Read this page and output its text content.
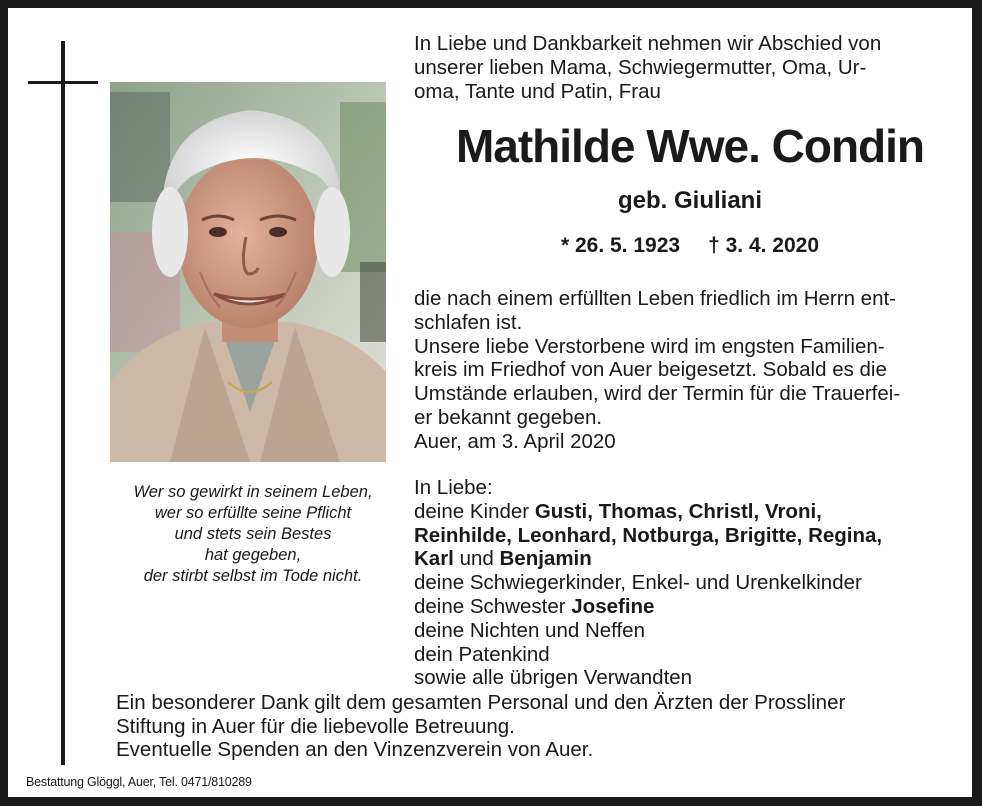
Wer so gewirkt in seinem Leben,
wer so erfüllte seine Pflicht
und stets sein Bestes
hat gegeben,
der stirbt selbst im Tode nicht.
In Liebe und Dankbarkeit nehmen wir Abschied von
unserer lieben Mama, Schwiegermutter, Oma, Ur-
oma, Tante und Patin, Frau
Mathilde Wwe. Condin
geb. Giuliani
* 26. 5. 1923 † 3. 4. 2020
die nach einem erfüllten Leben friedlich im Herrn ent-
schlafen ist.
Unsere liebe Verstorbene wird im engsten Familien-
kreis im Friedhof von Auer beigesetzt. Sobald es die
Umstände erlauben, wird der Termin für die Trauerfei-
er bekannt gegeben.
Auer, am 3. April 2020
In Liebe:
deine Kinder Gusti, Thomas, Christl, Vroni,
Reinhilde, Leonhard, Notburga, Brigitte, Regina,
Karl und Benjamin
deine Schwiegerkinder, Enkel- und Urenkelkinder
deine Schwester Josefine
deine Nichten und Neffen
dein Patenkind
sowie alle übrigen Verwandten
Ein besonderer Dank gilt dem gesamten Personal und den Ärzten der Prossliner
Stiftung in Auer für die liebevolle Betreuung.
Eventuelle Spenden an den Vinzenzverein von Auer.
Bestattung Glöggl, Auer, Tel. 0471/810289
